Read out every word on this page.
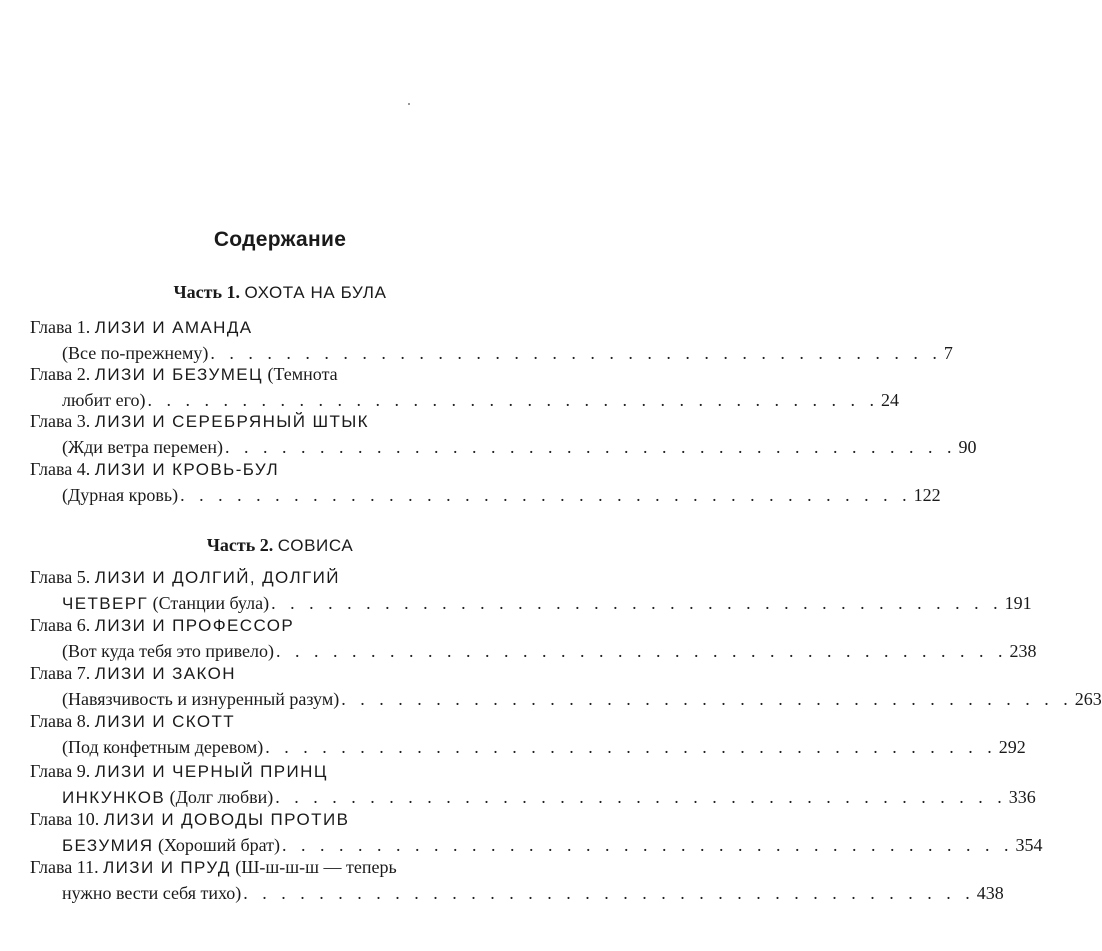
Содержание
Часть 1. ОХОТА НА БУЛА
Глава 1. ЛИЗИ И АМАНДА
(Все по-прежнему) . . . . . . . . . . . . . . . . . . . . . . . . . . . . . . . . . . . . . . . 7
Глава 2. ЛИЗИ И БЕЗУМЕЦ (Темнота
любит его) . . . . . . . . . . . . . . . . . . . . . . . . . . . . . . . . . . . . . . . 24
Глава 3. ЛИЗИ И СЕРЕБРЯНЫЙ ШТЫК
(Жди ветра перемен) . . . . . . . . . . . . . . . . . . . . . . . . . . . . . . . . . . . . . . . 90
Глава 4. ЛИЗИ И КРОВЬ-БУЛ
(Дурная кровь) . . . . . . . . . . . . . . . . . . . . . . . . . . . . . . . . . . . . . . . 122
Часть 2. СОВИСА
Глава 5. ЛИЗИ И ДОЛГИЙ, ДОЛГИЙ
ЧЕТВЕРГ (Станции була) . . . . . . . . . . . . . . . . . . . . . . . . . . . . . . . . . . . . . . . 191
Глава 6. ЛИЗИ И ПРОФЕССОР
(Вот куда тебя это привело) . . . . . . . . . . . . . . . . . . . . . . . . . . . . . . . . . . . . . . . 238
Глава 7. ЛИЗИ И ЗАКОН
(Навязчивость и изнуренный разум) . . . . . . . . . . . . . . . . . . . . . . . . . . . . . . . . . . . . . . . 263
Глава 8. ЛИЗИ И СКОТТ
(Под конфетным деревом) . . . . . . . . . . . . . . . . . . . . . . . . . . . . . . . . . . . . . . . 292
Глава 9. ЛИЗИ И ЧЕРНЫЙ ПРИНЦ
ИНКУНКОВ (Долг любви) . . . . . . . . . . . . . . . . . . . . . . . . . . . . . . . . . . . . . . . 336
Глава 10. ЛИЗИ И ДОВОДЫ ПРОТИВ
БЕЗУМИЯ (Хороший брат) . . . . . . . . . . . . . . . . . . . . . . . . . . . . . . . . . . . . . . . 354
Глава 11. ЛИЗИ И ПРУД (Ш-ш-ш-ш — теперь
нужно вести себя тихо) . . . . . . . . . . . . . . . . . . . . . . . . . . . . . . . . . . . . . . . 438
